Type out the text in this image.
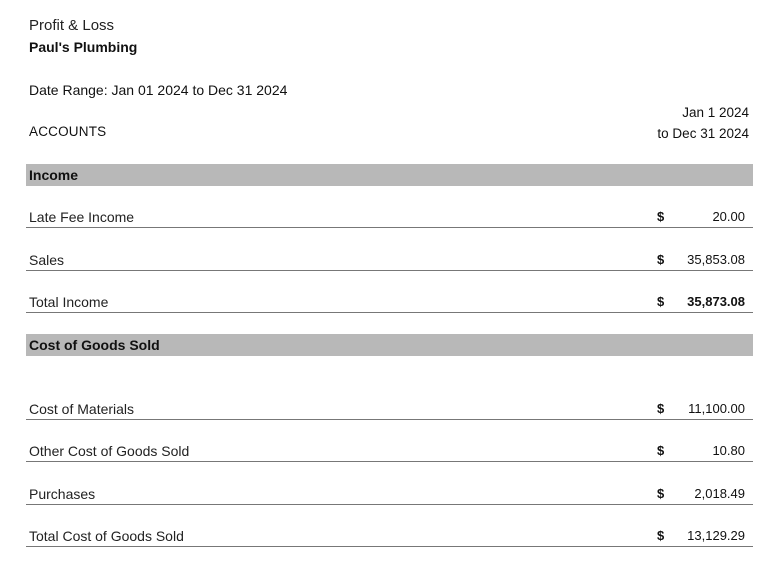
Profit & Loss
Paul's Plumbing
Date Range: Jan 01 2024 to Dec 31 2024
ACCOUNTS
Jan 1 2024
to Dec 31 2024
Income
Late Fee Income	$	20.00
Sales	$ 35,853.08
Total Income	$ 35,873.08
Cost of Goods Sold
Cost of Materials	$ 11,100.00
Other Cost of Goods Sold	$	10.80
Purchases	$ 2,018.49
Total Cost of Goods Sold	$ 13,129.29
